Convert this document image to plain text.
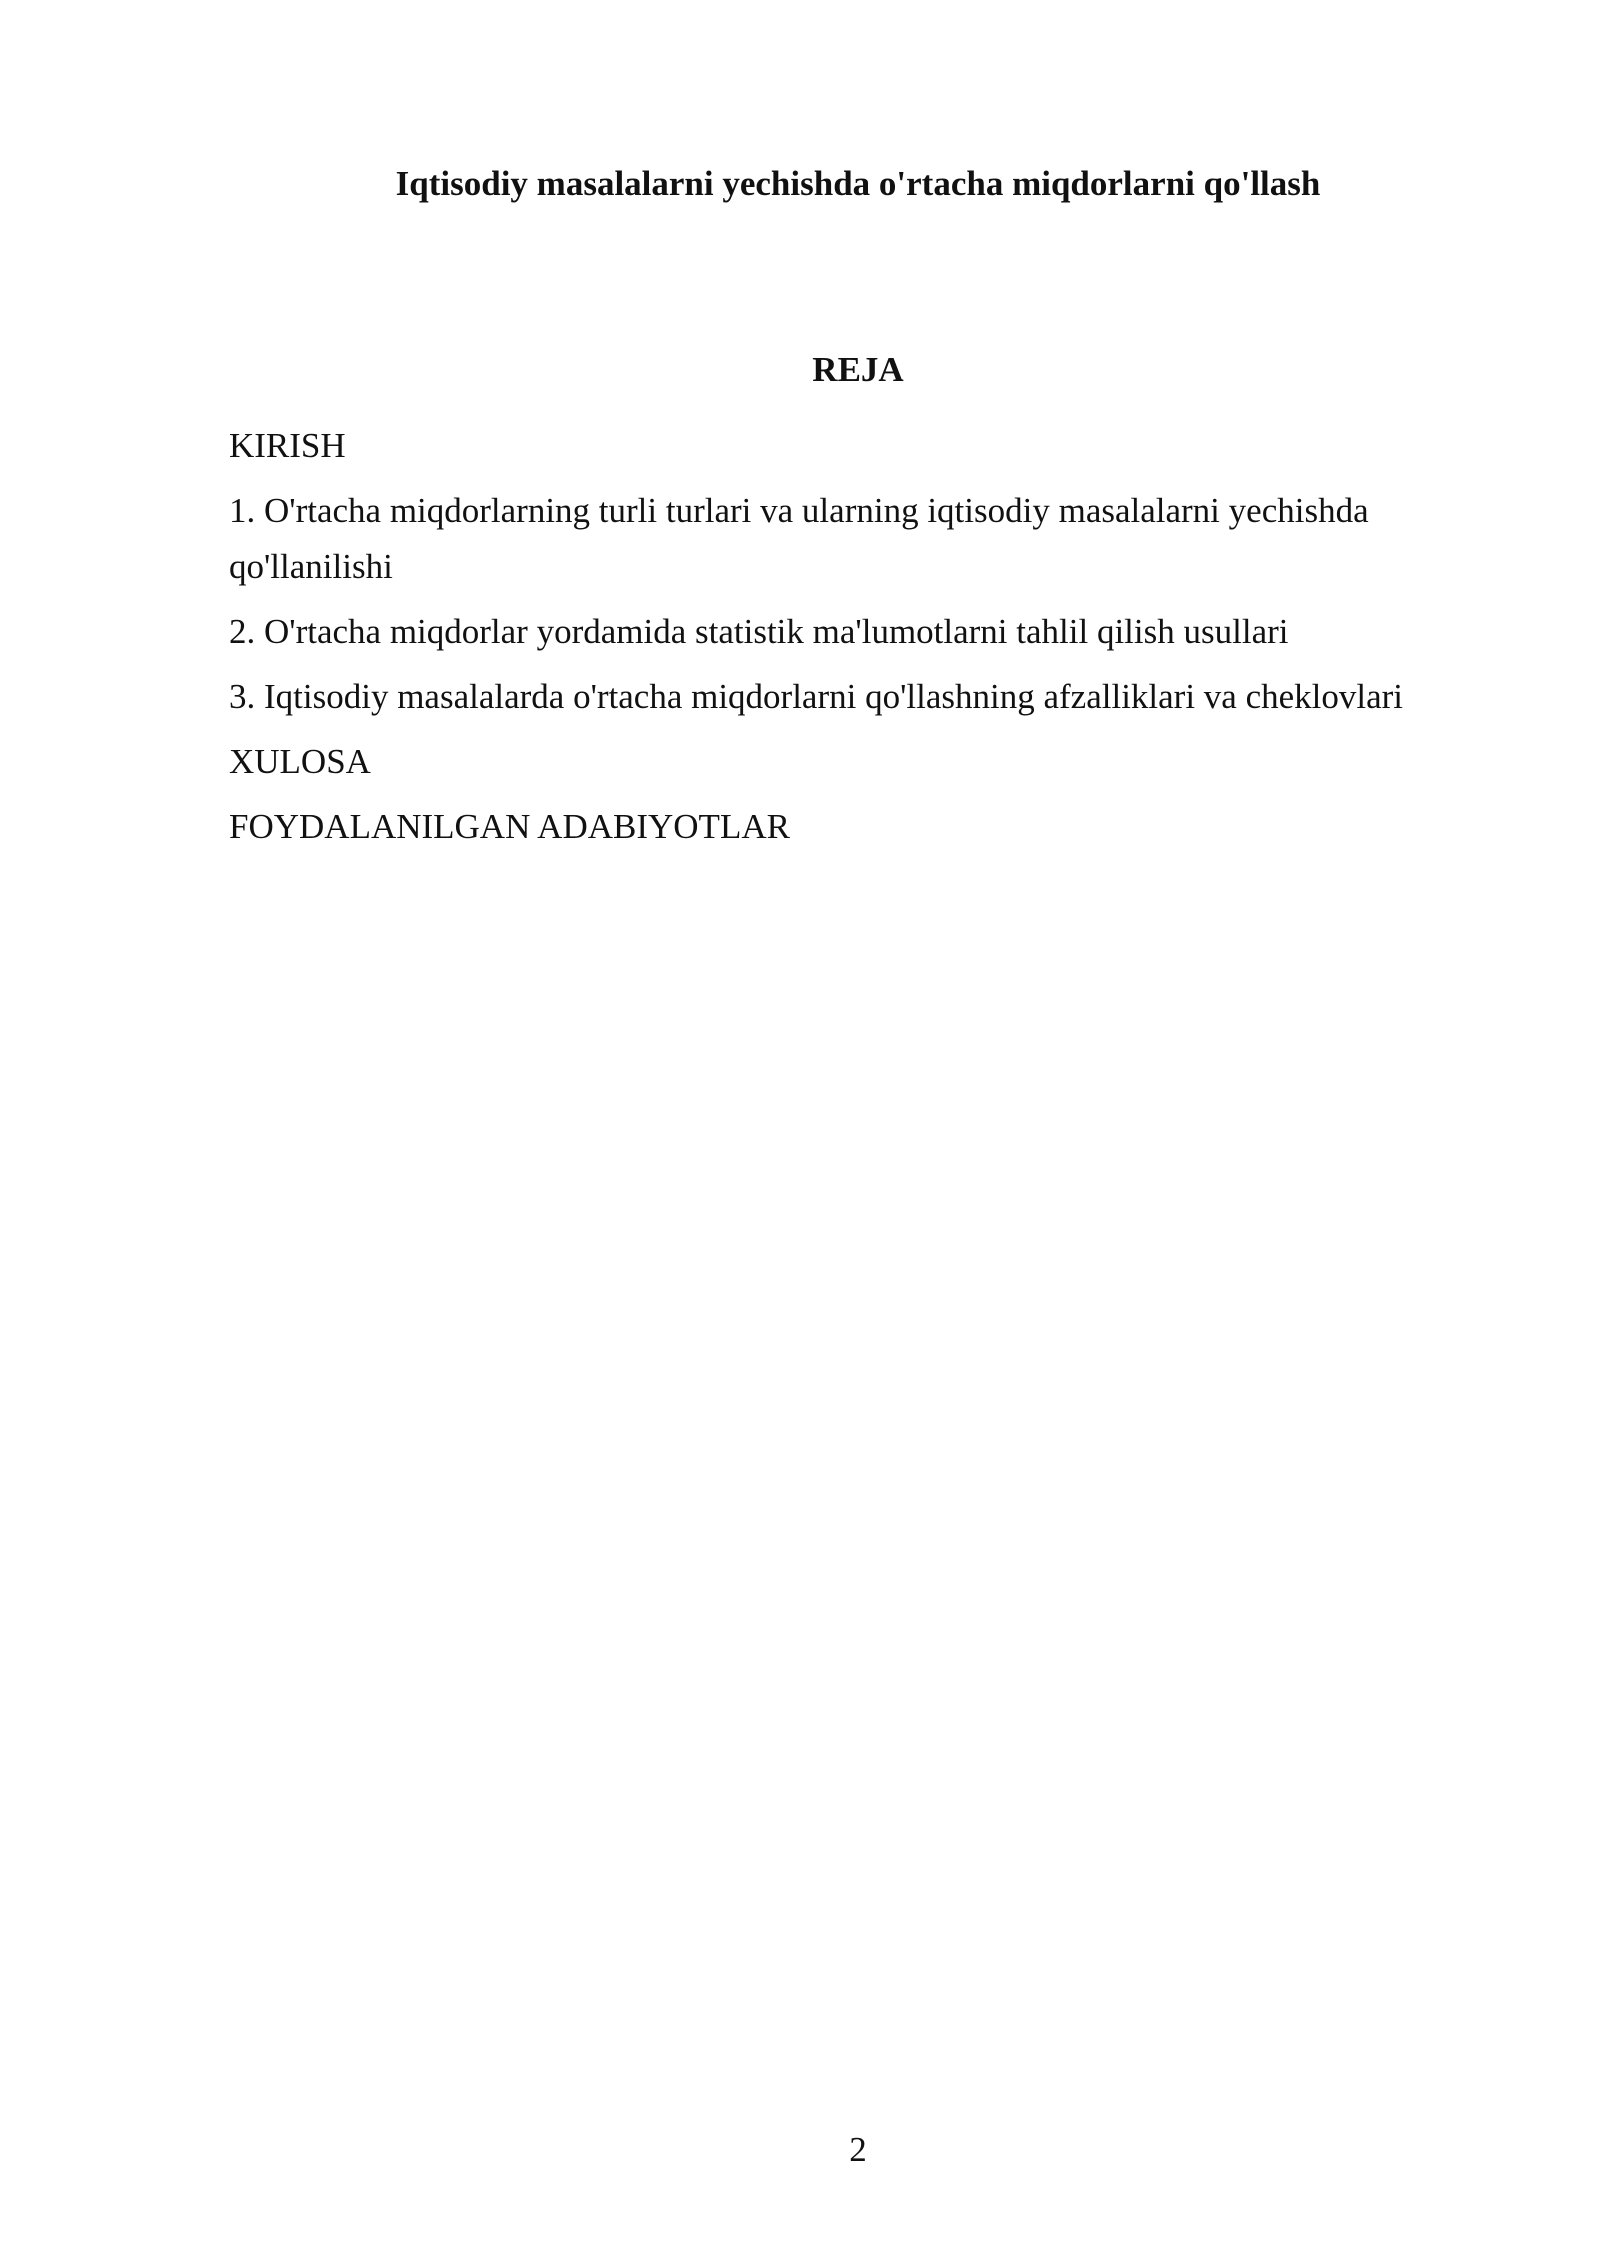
Iqtisodiy masalalarni yechishda o'rtacha miqdorlarni qo'llash
REJA
KIRISH
1. O'rtacha miqdorlarning turli turlari va ularning iqtisodiy masalalarni yechishda qo'llanilishi
2. O'rtacha miqdorlar yordamida statistik ma'lumotlarni tahlil qilish usullari
3. Iqtisodiy masalalarda o'rtacha miqdorlarni qo'llashning afzalliklari va cheklovlari
XULOSA
FOYDALANILGAN ADABIYOTLAR
2
